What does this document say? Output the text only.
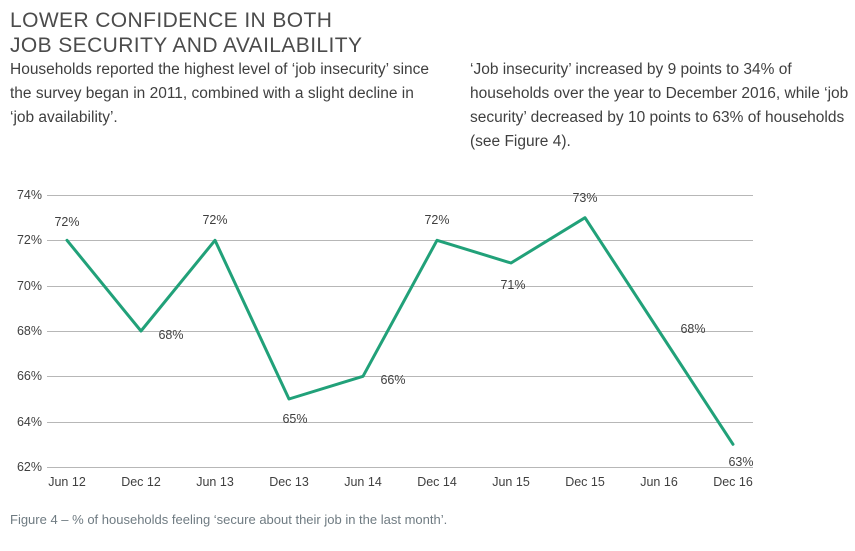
LOWER CONFIDENCE IN BOTH
JOB SECURITY AND AVAILABILITY
Households reported the highest level of ‘job insecurity’ since the survey began in 2011, combined with a slight decline in ‘job availability’.
‘Job insecurity’ increased by 9 points to 34% of households over the year to December 2016, while ‘job security’ decreased by 10 points to 63% of households (see Figure 4).
62%
64%
66%
68%
70%
72%
74%
72%
68%
72%
65%
66%
72%
71%
73%
68%
63%
Jun 12	Dec 12	Jun 13	Dec 13	Jun 14	Dec 14	Jun 15	Dec 15	Jun 16	Dec 16
Figure 4 – % of households feeling ‘secure about their job in the last month’.
